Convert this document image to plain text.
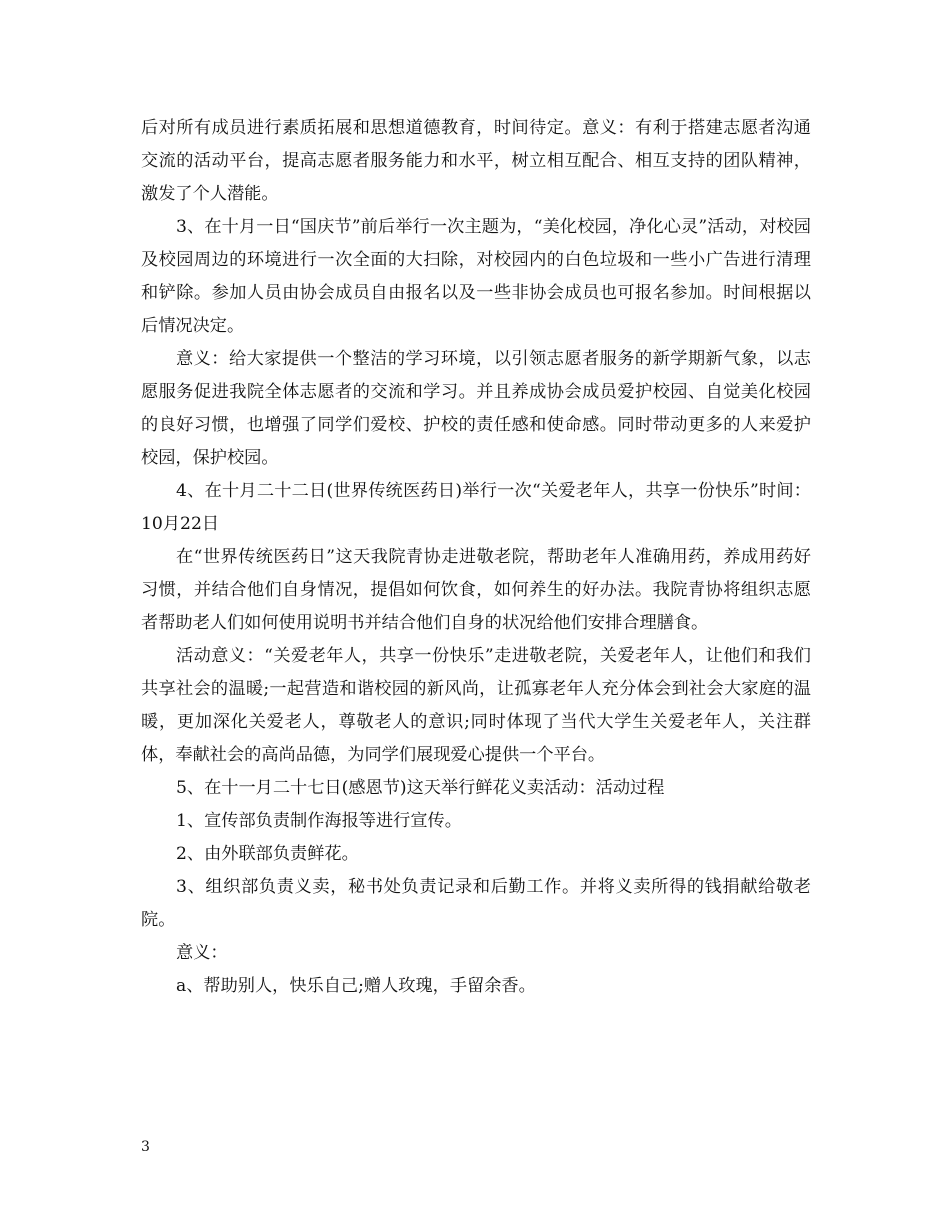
后对所有成员进行素质拓展和思想道德教育，时间待定。意义：有利于搭建志愿者沟通交流的活动平台，提高志愿者服务能力和水平，树立相互配合、相互支持的团队精神，激发了个人潜能。

3、在十月一日“国庆节”前后举行一次主题为，“美化校园，净化心灵”活动，对校园及校园周边的环境进行一次全面的大扫除，对校园内的白色垃圾和一些小广告进行清理和铲除。参加人员由协会成员自由报名以及一些非协会成员也可报名参加。时间根据以后情况决定。

意义：给大家提供一个整洁的学习环境，以引领志愿者服务的新学期新气象，以志愿服务促进我院全体志愿者的交流和学习。并且养成协会成员爱护校园、自觉美化校园的良好习惯，也增强了同学们爱校、护校的责任感和使命感。同时带动更多的人来爱护校园，保护校园。

4、在十月二十二日(世界传统医药日)举行一次“关爱老年人，共享一份快乐”时间：10月22日

在“世界传统医药日”这天我院青协走进敬老院，帮助老年人准确用药，养成用药好习惯，并结合他们自身情况，提倡如何饮食，如何养生的好办法。我院青协将组织志愿者帮助老人们如何使用说明书并结合他们自身的状况给他们安排合理膳食。

活动意义：“关爱老年人，共享一份快乐”走进敬老院，关爱老年人，让他们和我们共享社会的温暖;一起营造和谐校园的新风尚，让孤寡老年人充分体会到社会大家庭的温暖，更加深化关爱老人，尊敬老人的意识;同时体现了当代大学生关爱老年人，关注群体，奉献社会的高尚品德，为同学们展现爱心提供一个平台。

5、在十一月二十七日(感恩节)这天举行鲜花义卖活动：活动过程

1、宣传部负责制作海报等进行宣传。

2、由外联部负责鲜花。

3、组织部负责义卖，秘书处负责记录和后勤工作。并将义卖所得的钱捐献给敬老院。

意义：

a、帮助别人，快乐自己;赠人玫瑰，手留余香。

3
